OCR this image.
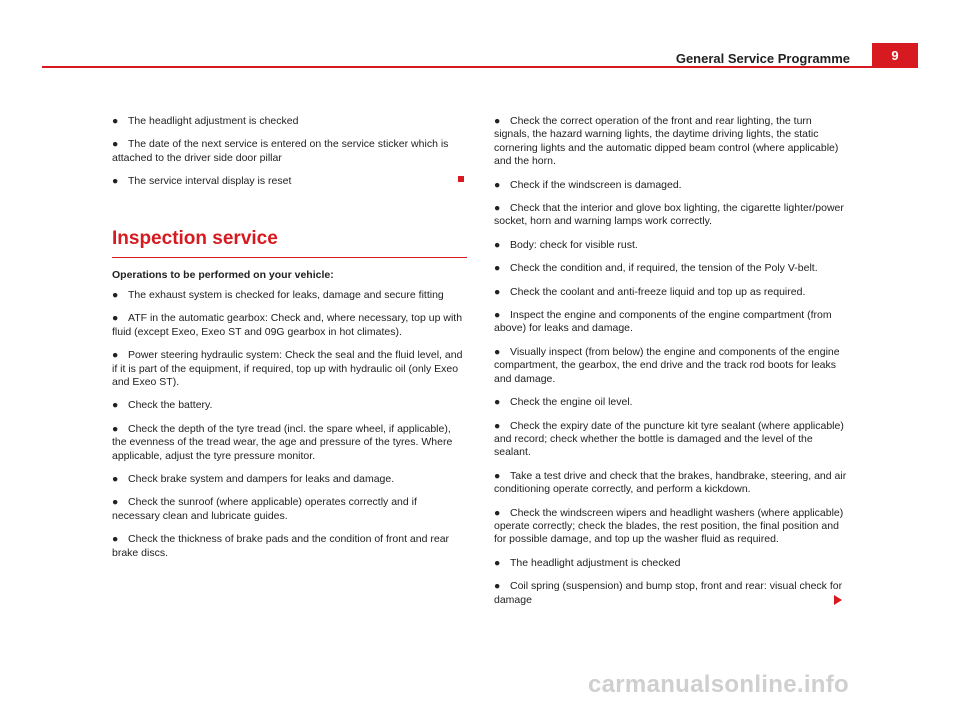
General Service Programme	9

● The headlight adjustment is checked

● The date of the next service is entered on the service sticker which is attached to the driver side door pillar

● The service interval display is reset

Inspection service

Operations to be performed on your vehicle:

● The exhaust system is checked for leaks, damage and secure fitting

● ATF in the automatic gearbox: Check and, where necessary, top up with fluid (except Exeo, Exeo ST and 09G gearbox in hot climates).

● Power steering hydraulic system: Check the seal and the fluid level, and if it is part of the equipment, if required, top up with hydraulic oil (only Exeo and Exeo ST).

● Check the battery.

● Check the depth of the tyre tread (incl. the spare wheel, if applicable), the evenness of the tread wear, the age and pressure of the tyres. Where applicable, adjust the tyre pressure monitor.

● Check brake system and dampers for leaks and damage.

● Check the sunroof (where applicable) operates correctly and if necessary clean and lubricate guides.

● Check the thickness of brake pads and the condition of front and rear brake discs.

● Check the correct operation of the front and rear lighting, the turn signals, the hazard warning lights, the daytime driving lights, the static cornering lights and the automatic dipped beam control (where applicable) and the horn.

● Check if the windscreen is damaged.

● Check that the interior and glove box lighting, the cigarette lighter/power socket, horn and warning lamps work correctly.

● Body: check for visible rust.

● Check the condition and, if required, the tension of the Poly V-belt.

● Check the coolant and anti-freeze liquid and top up as required.

● Inspect the engine and components of the engine compartment (from above) for leaks and damage.

● Visually inspect (from below) the engine and components of the engine compartment, the gearbox, the end drive and the track rod boots for leaks and damage.

● Check the engine oil level.

● Check the expiry date of the puncture kit tyre sealant (where applicable) and record; check whether the bottle is damaged and the level of the sealant.

● Take a test drive and check that the brakes, handbrake, steering, and air conditioning operate correctly, and perform a kickdown.

● Check the windscreen wipers and headlight washers (where applicable) operate correctly; check the blades, the rest position, the final position and for possible damage, and top up the washer fluid as required.

● The headlight adjustment is checked

● Coil spring (suspension) and bump stop, front and rear: visual check for damage

carmanualsonline.info
